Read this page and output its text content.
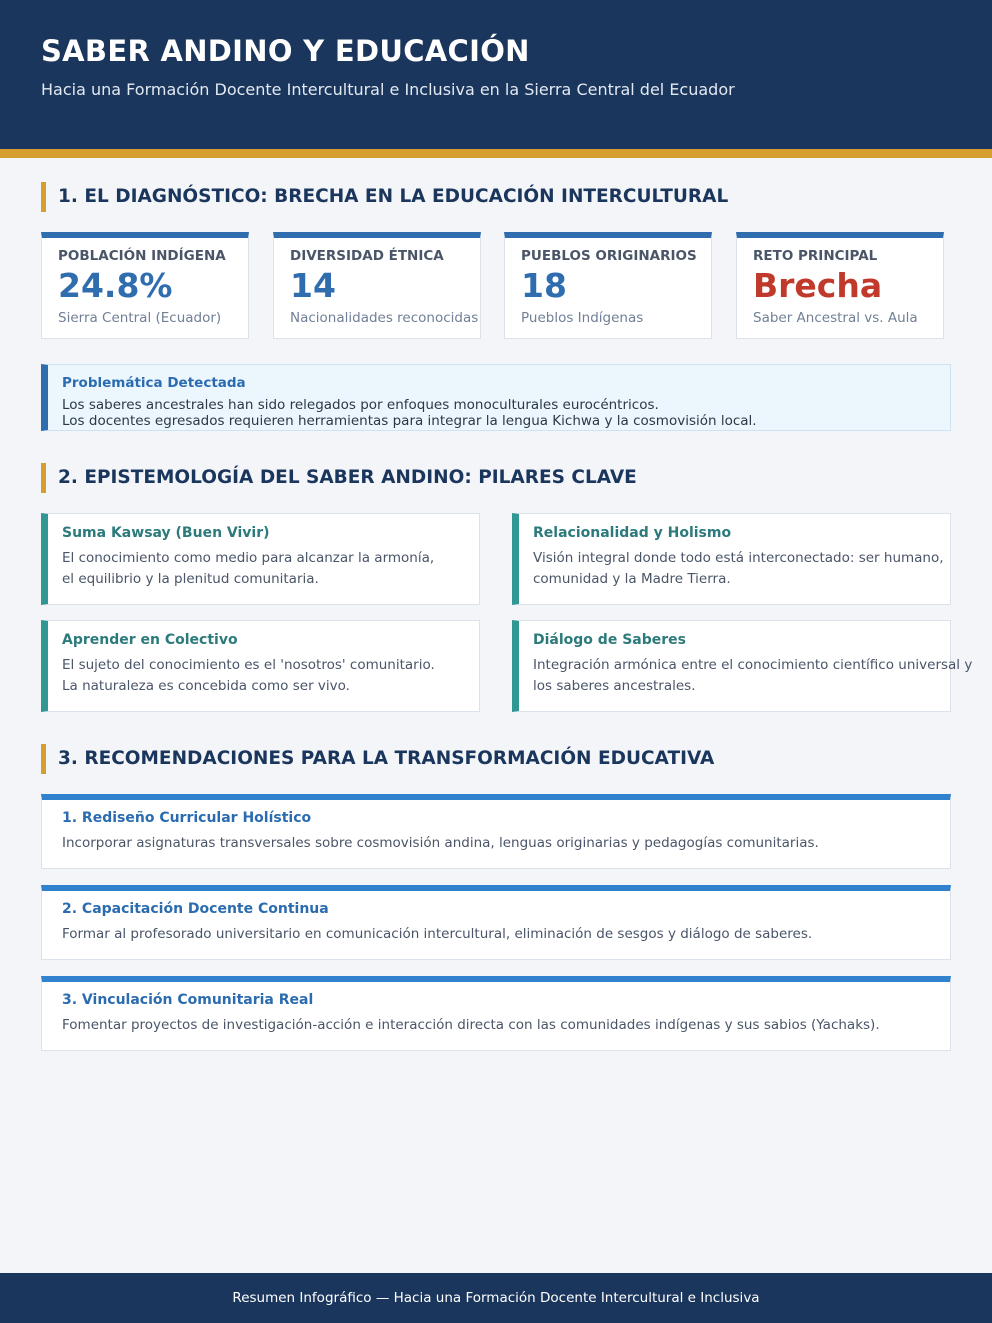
SABER ANDINO Y EDUCACIÓN
Hacia una Formación Docente Intercultural e Inclusiva en la Sierra Central del Ecuador
1. EL DIAGNÓSTICO: BRECHA EN LA EDUCACIÓN INTERCULTURAL
POBLACIÓN INDÍGENA
24.8%
Sierra Central (Ecuador)
DIVERSIDAD ÉTNICA
14
Nacionalidades reconocidas
PUEBLOS ORIGINARIOS
18
Pueblos Indígenas
RETO PRINCIPAL
Brecha
Saber Ancestral vs. Aula
Problemática Detectada
Los saberes ancestrales han sido relegados por enfoques monoculturales eurocéntricos.
Los docentes egresados requieren herramientas para integrar la lengua Kichwa y la cosmovisión local.
2. EPISTEMOLOGÍA DEL SABER ANDINO: PILARES CLAVE
Suma Kawsay (Buen Vivir)
El conocimiento como medio para alcanzar la armonía,
el equilibrio y la plenitud comunitaria.
Relacionalidad y Holismo
Visión integral donde todo está interconectado: ser humano,
comunidad y la Madre Tierra.
Aprender en Colectivo
El sujeto del conocimiento es el 'nosotros' comunitario.
La naturaleza es concebida como ser vivo.
Diálogo de Saberes
Integración armónica entre el conocimiento científico universal y
los saberes ancestrales.
3. RECOMENDACIONES PARA LA TRANSFORMACIÓN EDUCATIVA
1. Rediseño Curricular Holístico
Incorporar asignaturas transversales sobre cosmovisión andina, lenguas originarias y pedagogías comunitarias.
2. Capacitación Docente Continua
Formar al profesorado universitario en comunicación intercultural, eliminación de sesgos y diálogo de saberes.
3. Vinculación Comunitaria Real
Fomentar proyectos de investigación-acción e interacción directa con las comunidades indígenas y sus sabios (Yachaks).
Resumen Infográfico — Hacia una Formación Docente Intercultural e Inclusiva
